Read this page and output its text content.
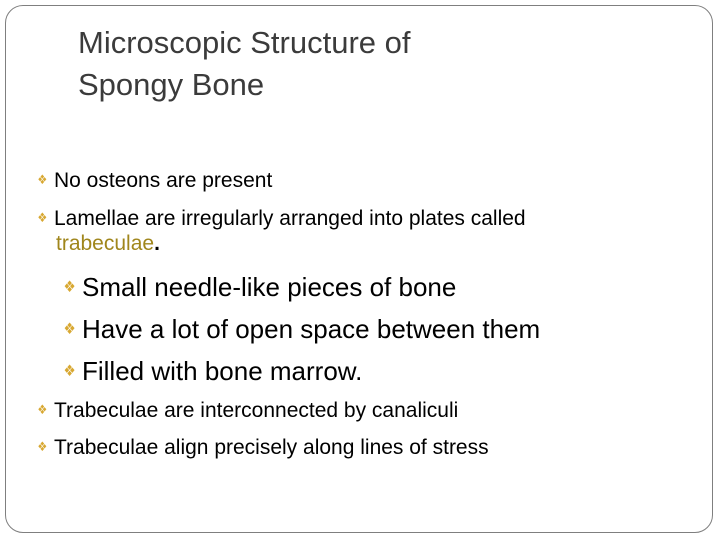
Microscopic Structure of
Spongy Bone
❖ No osteons are present
❖ Lamellae are irregularly arranged into plates called
trabeculae.
❖ Small needle-like pieces of bone
❖ Have a lot of open space between them
❖ Filled with bone marrow.
❖ Trabeculae are interconnected by canaliculi
❖ Trabeculae align precisely along lines of stress
